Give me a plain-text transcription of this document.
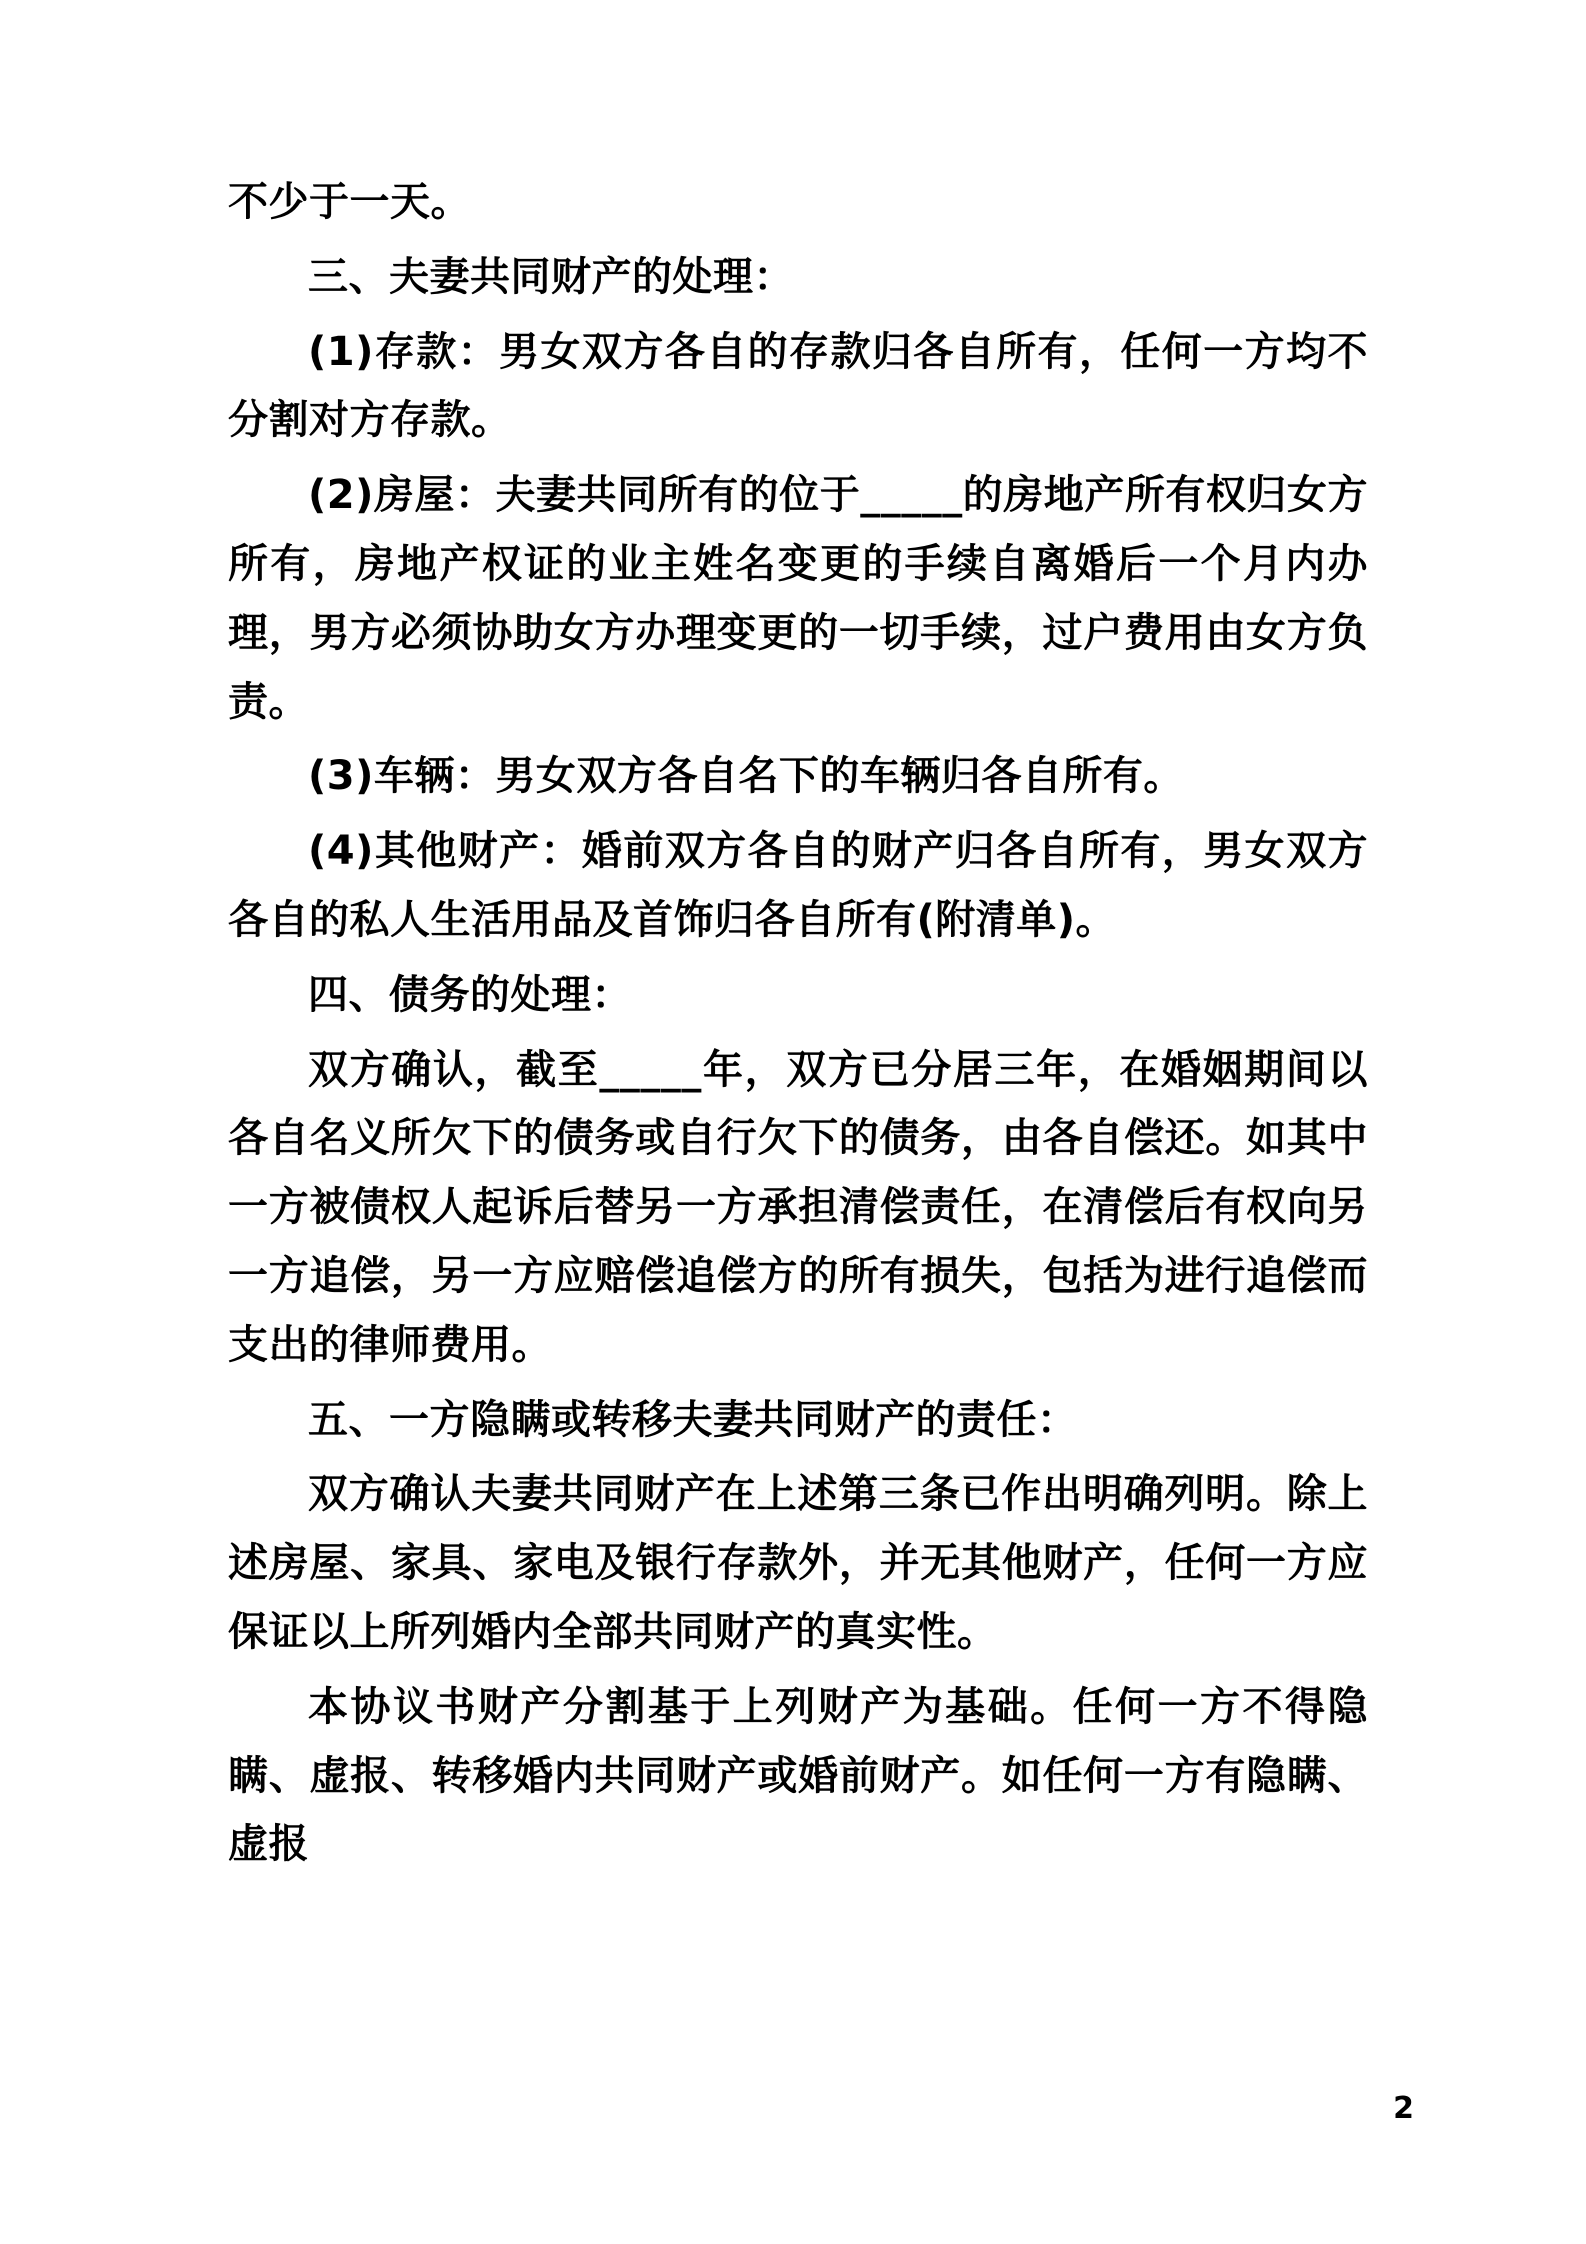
不少于一天。

三、夫妻共同财产的处理：

(1)存款：男女双方各自的存款归各自所有，任何一方均不分割对方存款。

(2)房屋：夫妻共同所有的位于_____的房地产所有权归女方所有，房地产权证的业主姓名变更的手续自离婚后一个月内办理，男方必须协助女方办理变更的一切手续，过户费用由女方负责。

(3)车辆：男女双方各自名下的车辆归各自所有。

(4)其他财产：婚前双方各自的财产归各自所有，男女双方各自的私人生活用品及首饰归各自所有(附清单)。

四、债务的处理：

双方确认，截至_____年，双方已分居三年，在婚姻期间以各自名义所欠下的债务或自行欠下的债务，由各自偿还。如其中一方被债权人起诉后替另一方承担清偿责任，在清偿后有权向另一方追偿，另一方应赔偿追偿方的所有损失，包括为进行追偿而支出的律师费用。

五、一方隐瞒或转移夫妻共同财产的责任：

双方确认夫妻共同财产在上述第三条已作出明确列明。除上述房屋、家具、家电及银行存款外，并无其他财产，任何一方应保证以上所列婚内全部共同财产的真实性。

本协议书财产分割基于上列财产为基础。任何一方不得隐瞒、虚报、转移婚内共同财产或婚前财产。如任何一方有隐瞒、虚报

2
